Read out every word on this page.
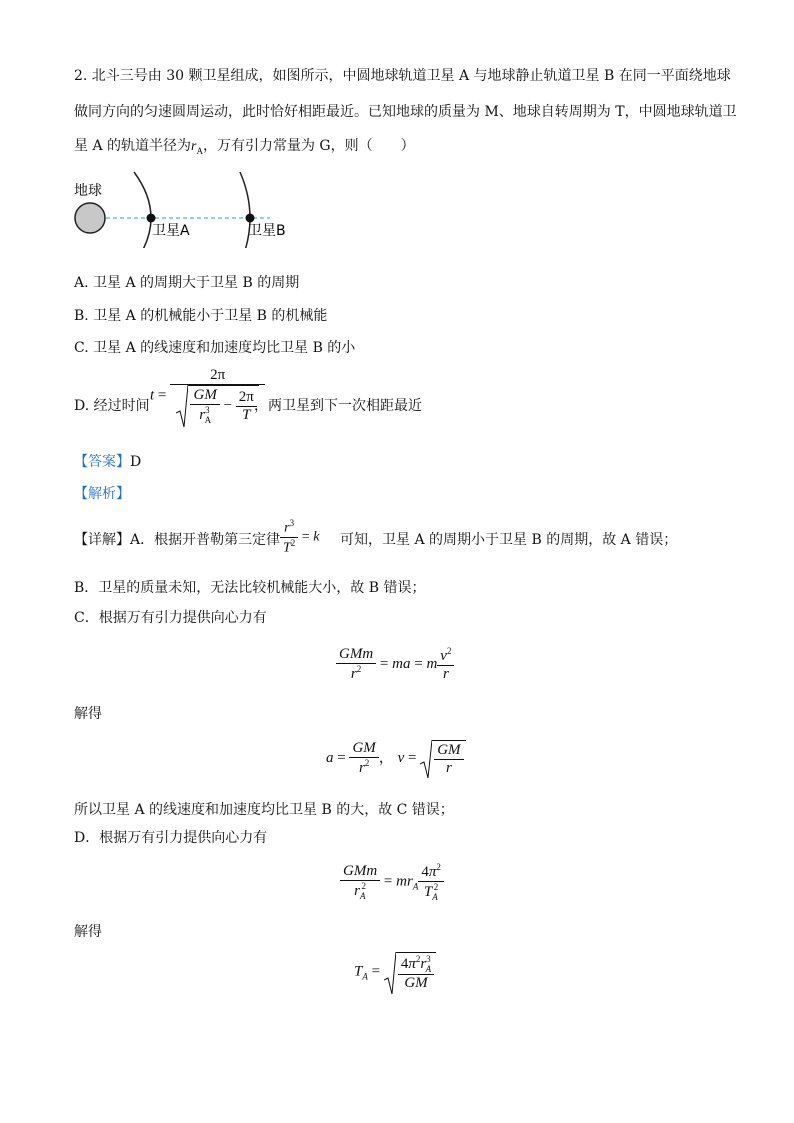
2. 北斗三号由 30 颗卫星组成，如图所示，中圆地球轨道卫星 A 与地球静止轨道卫星 B 在同一平面绕地球
做同方向的匀速圆周运动，此时恰好相距最近。已知地球的质量为 M、地球自转周期为 T，中圆地球轨道卫
星 A 的轨道半径为$r_A$，万有引力常量为 G，则（　　）
地球
卫星A	卫星B
A. 卫星 A 的周期大于卫星 B 的周期
B. 卫星 A 的机械能小于卫星 B 的机械能
C. 卫星 A 的线速度和加速度均比卫星 B 的小
D. 经过时间
$t = \frac{2\pi}{\frac{GM}{r^3_A} - \frac{2\pi}{T}}$
，两卫星到下一次相距最近
【答案】D
【解析】
【详解】A．根据开普勒第三定律 $\frac{r^3}{T^2} = k$ 可知，卫星 A 的周期小于卫星 B 的周期，故 A 错误；
B．卫星的质量未知，无法比较机械能大小，故 B 错误；
C．根据万有引力提供向心力有
$\frac{\text{GMm}}{r^2}$ = ma = m $\frac{v^2}{r}$
解得
$a = \frac{GM}{r^2}$ ， $v = \frac{GM}{r}$
所以卫星 A 的线速度和加速度均比卫星 B 的大，故 C 错误；
D．根据万有引力提供向心力有
$\frac{\text{GMm}}{r_A^2} = mr_A \frac{4\pi^2}{T_A^2}$
解得
$T_A = \frac{4\pi^2r^3_A}{GM}$
